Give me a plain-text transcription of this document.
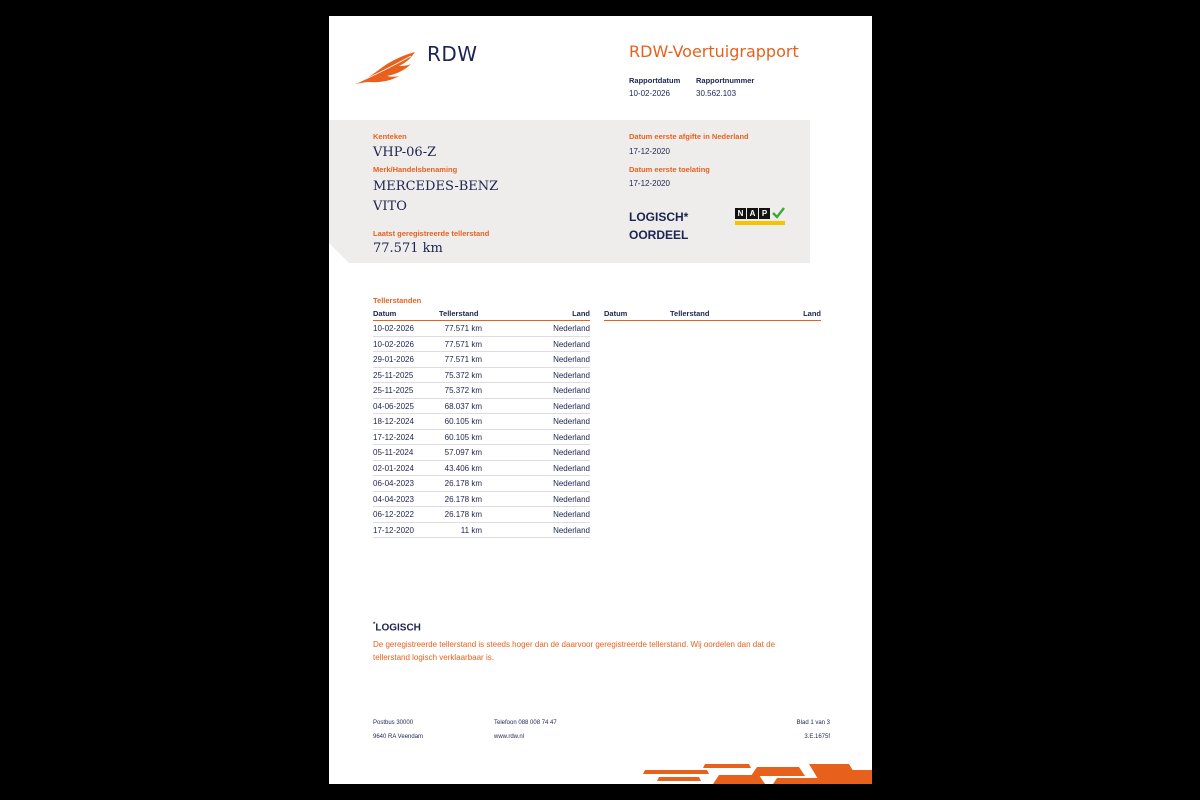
RDW	RDW-Voertuigrapport
Rapportdatum
10-02-2026
Rapportnummer
30.562.103
Kenteken
VHP-06-Z
Merk/Handelsbenaming
MERCEDES-BENZ
VITO
Laatst geregistreerde tellerstand
77.571 km
Datum eerste afgifte in Nederland
17-12-2020
Datum eerste toelating
17-12-2020
LOGISCH*
OORDEEL
N A P
Tellerstanden
Datum	Tellerstand	Land
10-02-2026	77.571 km	Nederland
10-02-2026	77.571 km	Nederland
29-01-2026	77.571 km	Nederland
25-11-2025	75.372 km	Nederland
25-11-2025	75.372 km	Nederland
04-06-2025	68.037 km	Nederland
18-12-2024	60.105 km	Nederland
17-12-2024	60.105 km	Nederland
05-11-2024	57.097 km	Nederland
02-01-2024	43.406 km	Nederland
06-04-2023	26.178 km	Nederland
04-04-2023	26.178 km	Nederland
06-12-2022	26.178 km	Nederland
17-12-2020	11 km	Nederland
Datum	Tellerstand	Land
*LOGISCH
De geregistreerde tellerstand is steeds hoger dan de daarvoor geregistreerde tellerstand. Wij oordelen dan dat de tellerstand logisch verklaarbaar is.
Postbus 30000
9640 RA Veendam
Telefoon 088 008 74 47
www.rdw.nl
Blad 1 van 3
3.E.1675f
